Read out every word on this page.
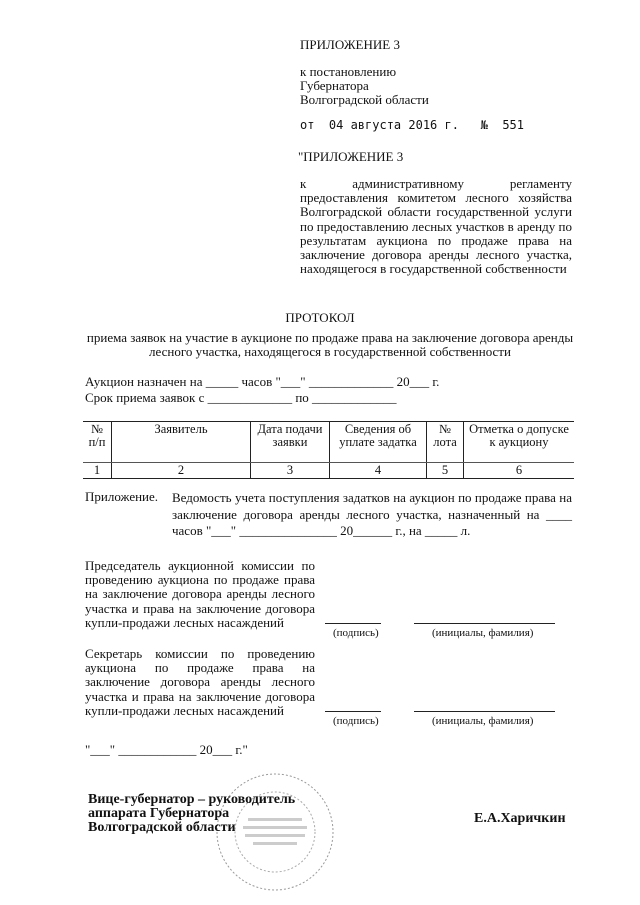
ПРИЛОЖЕНИЕ 3
к постановлению
Губернатора
Волгоградской области
от 04 августа 2016 г. № 551
"ПРИЛОЖЕНИЕ 3
к административному регламенту предоставления комитетом лесного хозяйства Волгоградской области государственной услуги по предоставлению лесных участков в аренду по результатам аукциона по продаже права на заключение договора аренды лесного участка, находящегося в государственной собственности
ПРОТОКОЛ
приема заявок на участие в аукционе по продаже права на заключение договора аренды
лесного участка, находящегося в государственной собственности
Аукцион назначен на _____ часов "___" _____________ 20___ г.
Срок приема заявок с _____________ по _____________
№ п/п	Заявитель	Дата подачи заявки	Сведения об уплате задатка	№ лота	Отметка о допуске к аукциону
1	2	3	4	5	6
Приложение. Ведомость учета поступления задатков на аукцион по продаже права на заключение договора аренды лесного участка, назначенный на ____ часов "___" _______________ 20______ г., на _____ л.
Председатель аукционной комиссии по проведению аукциона по продаже права на заключение договора аренды лесного участка и права на заключение договора купли-продажи лесных насаждений
(подпись)	(инициалы, фамилия)
Секретарь комиссии по проведению аукциона по продаже права на заключение договора аренды лесного участка и права на заключение договора купли-продажи лесных насаждений
(подпись)	(инициалы, фамилия)
"___" ____________ 20___ г."
Вице-губернатор – руководитель
аппарата Губернатора
Волгоградской области
Е.А.Харичкин
